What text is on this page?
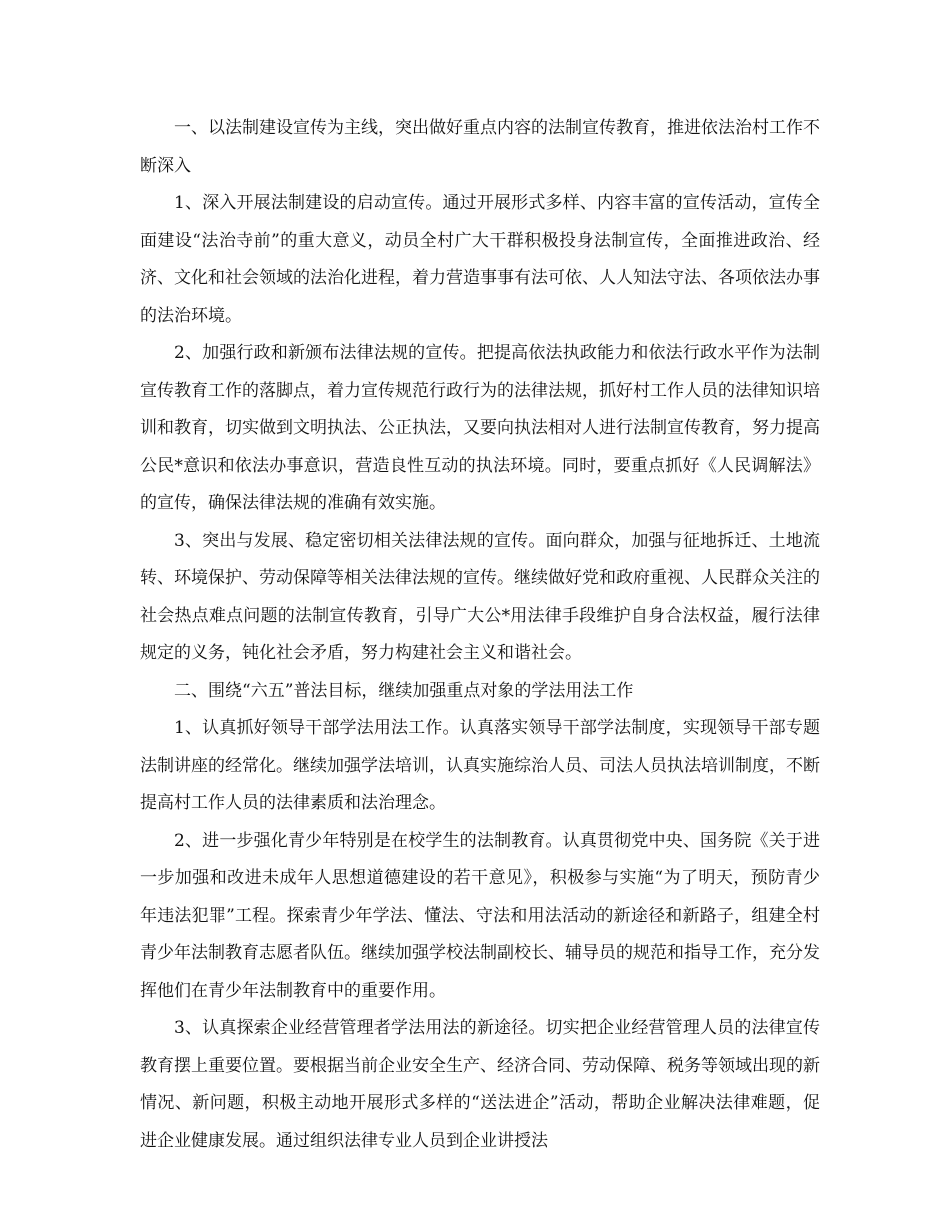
一、以法制建设宣传为主线，突出做好重点内容的法制宣传教育，推进依法治村工作不断深入

1、深入开展法制建设的启动宣传。通过开展形式多样、内容丰富的宣传活动，宣传全面建设“法治寺前”的重大意义，动员全村广大干群积极投身法制宣传，全面推进政治、经济、文化和社会领域的法治化进程，着力营造事事有法可依、人人知法守法、各项依法办事的法治环境。

2、加强行政和新颁布法律法规的宣传。把提高依法执政能力和依法行政水平作为法制宣传教育工作的落脚点，着力宣传规范行政行为的法律法规，抓好村工作人员的法律知识培训和教育，切实做到文明执法、公正执法，又要向执法相对人进行法制宣传教育，努力提高公民*意识和依法办事意识，营造良性互动的执法环境。同时，要重点抓好《人民调解法》的宣传，确保法律法规的准确有效实施。

3、突出与发展、稳定密切相关法律法规的宣传。面向群众，加强与征地拆迁、土地流转、环境保护、劳动保障等相关法律法规的宣传。继续做好党和政府重视、人民群众关注的社会热点难点问题的法制宣传教育，引导广大公*用法律手段维护自身合法权益，履行法律规定的义务，钝化社会矛盾，努力构建社会主义和谐社会。

二、围绕“六五”普法目标，继续加强重点对象的学法用法工作

1、认真抓好领导干部学法用法工作。认真落实领导干部学法制度，实现领导干部专题法制讲座的经常化。继续加强学法培训，认真实施综治人员、司法人员执法培训制度，不断提高村工作人员的法律素质和法治理念。

2、进一步强化青少年特别是在校学生的法制教育。认真贯彻党中央、国务院《关于进一步加强和改进未成年人思想道德建设的若干意见》，积极参与实施“为了明天，预防青少年违法犯罪”工程。探索青少年学法、懂法、守法和用法活动的新途径和新路子，组建全村青少年法制教育志愿者队伍。继续加强学校法制副校长、辅导员的规范和指导工作，充分发挥他们在青少年法制教育中的重要作用。

3、认真探索企业经营管理者学法用法的新途径。切实把企业经营管理人员的法律宣传教育摆上重要位置。要根据当前企业安全生产、经济合同、劳动保障、税务等领域出现的新情况、新问题，积极主动地开展形式多样的“送法进企”活动，帮助企业解决法律难题，促进企业健康发展。通过组织法律专业人员到企业讲授法
